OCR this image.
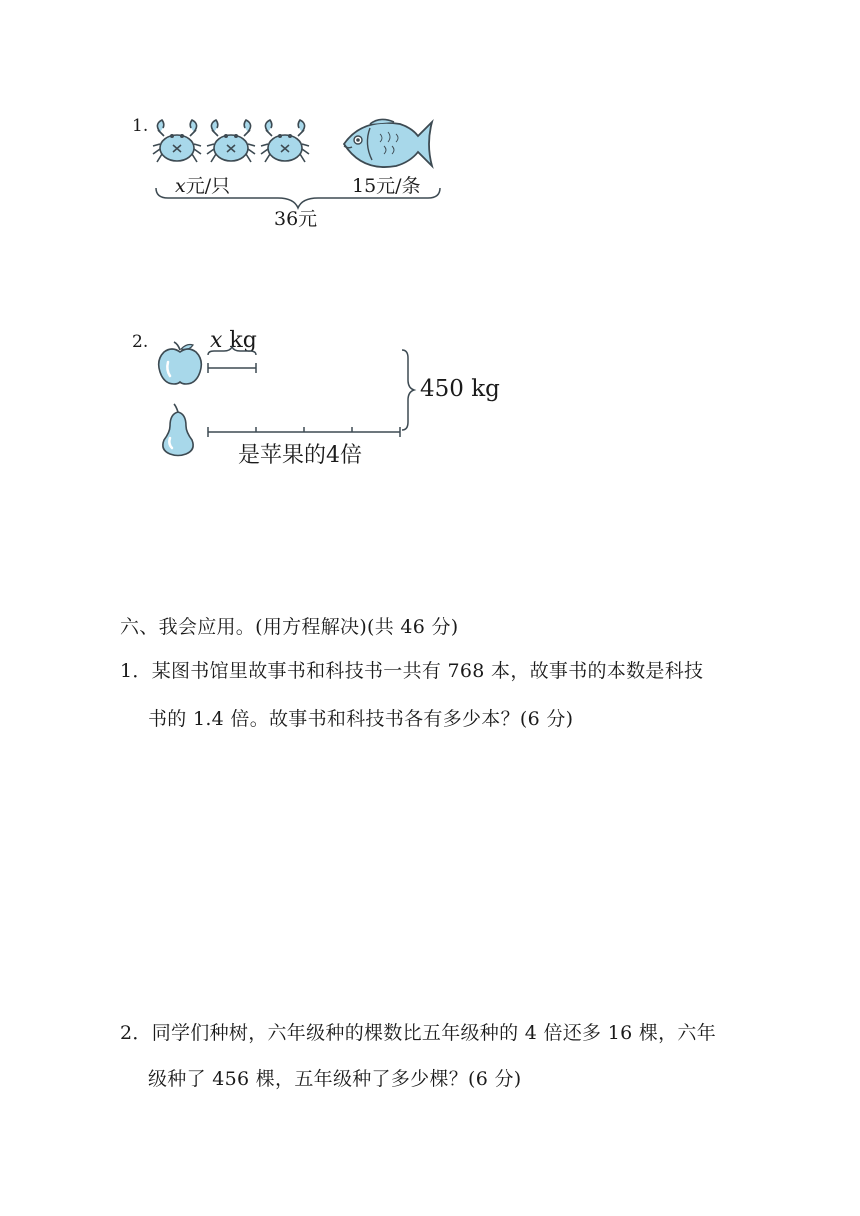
1.
x元/只	15元/条
36元
2.	x kg
450 kg
是苹果的4倍
六、我会应用。(用方程解决)(共 46 分)
1．某图书馆里故事书和科技书一共有 768 本，故事书的本数是科技
书的 1.4 倍。故事书和科技书各有多少本？(6 分)
2．同学们种树，六年级种的棵数比五年级种的 4 倍还多 16 棵，六年
级种了 456 棵，五年级种了多少棵？(6 分)
